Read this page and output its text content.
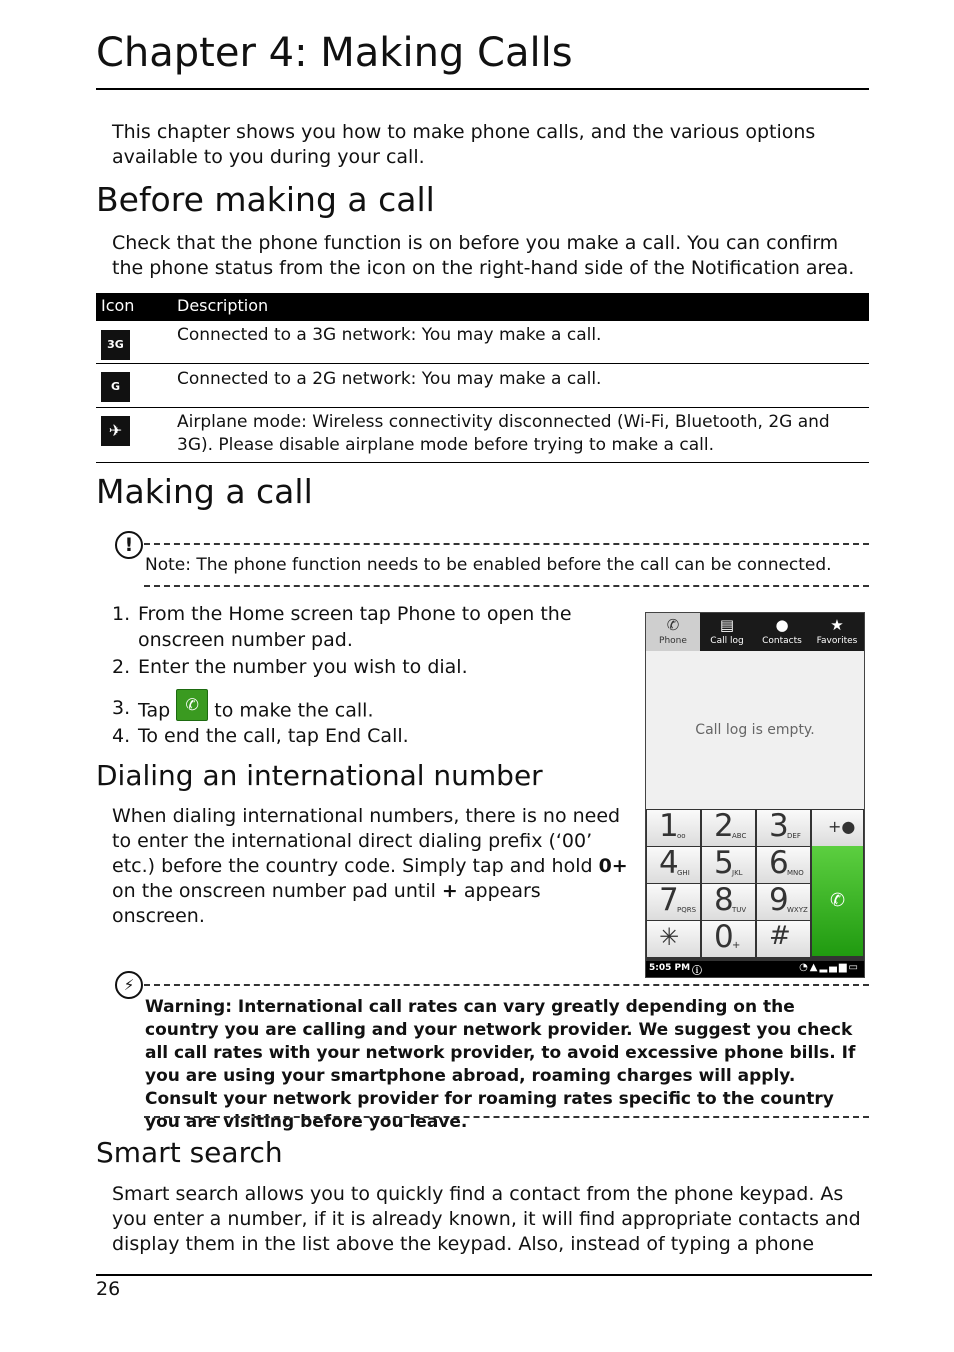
Chapter 4: Making Calls

This chapter shows you how to make phone calls, and the various options available to you during your call.

Before making a call

Check that the phone function is on before you make a call. You can confirm the phone status from the icon on the right-hand side of the Notification area.

Icon	Description
3G	Connected to a 3G network: You may make a call.
G	Connected to a 2G network: You may make a call.
✈	Airplane mode: Wireless connectivity disconnected (Wi-Fi, Bluetooth, 2G and 3G). Please disable airplane mode before trying to make a call.
Making a call
!
Note: The phone function needs to be enabled before the call can be connected.
1. From the Home screen tap Phone to open the
onscreen number pad.
2. Enter the number you wish to dial.
3. Tap ✆ to make the call.
4. To end the call, tap End Call.
✆
Phone
▤
Call log
●
Contacts
★
Favorites
Call log is empty.
1
oo 2
ABC 3
DEF +●
4
GHI 5
JKL 6
MNO
7
PQRS 8
TUV 9
WXYZ
✳ 0
+ #
✆
5:05 PM ⓘ	◔▲▂▄▆▭
Dialing an international number
When dialing international numbers, there is no need
to enter the international direct dialing prefix (‘00’
etc.) before the country code. Simply tap and hold 0+
on the onscreen number pad until + appears
onscreen.
⚡
Warning: International call rates can vary greatly depending on the country you are calling and your network provider. We suggest you check all call rates with your network provider, to avoid excessive phone bills. If you are using your smartphone abroad, roaming charges will apply. Consult your network provider for roaming rates specific to the country you are visiting before you leave.
Smart search

Smart search allows you to quickly find a contact from the phone keypad. As you enter a number, if it is already known, it will find appropriate contacts and display them in the list above the keypad. Also, instead of typing a phone

26
